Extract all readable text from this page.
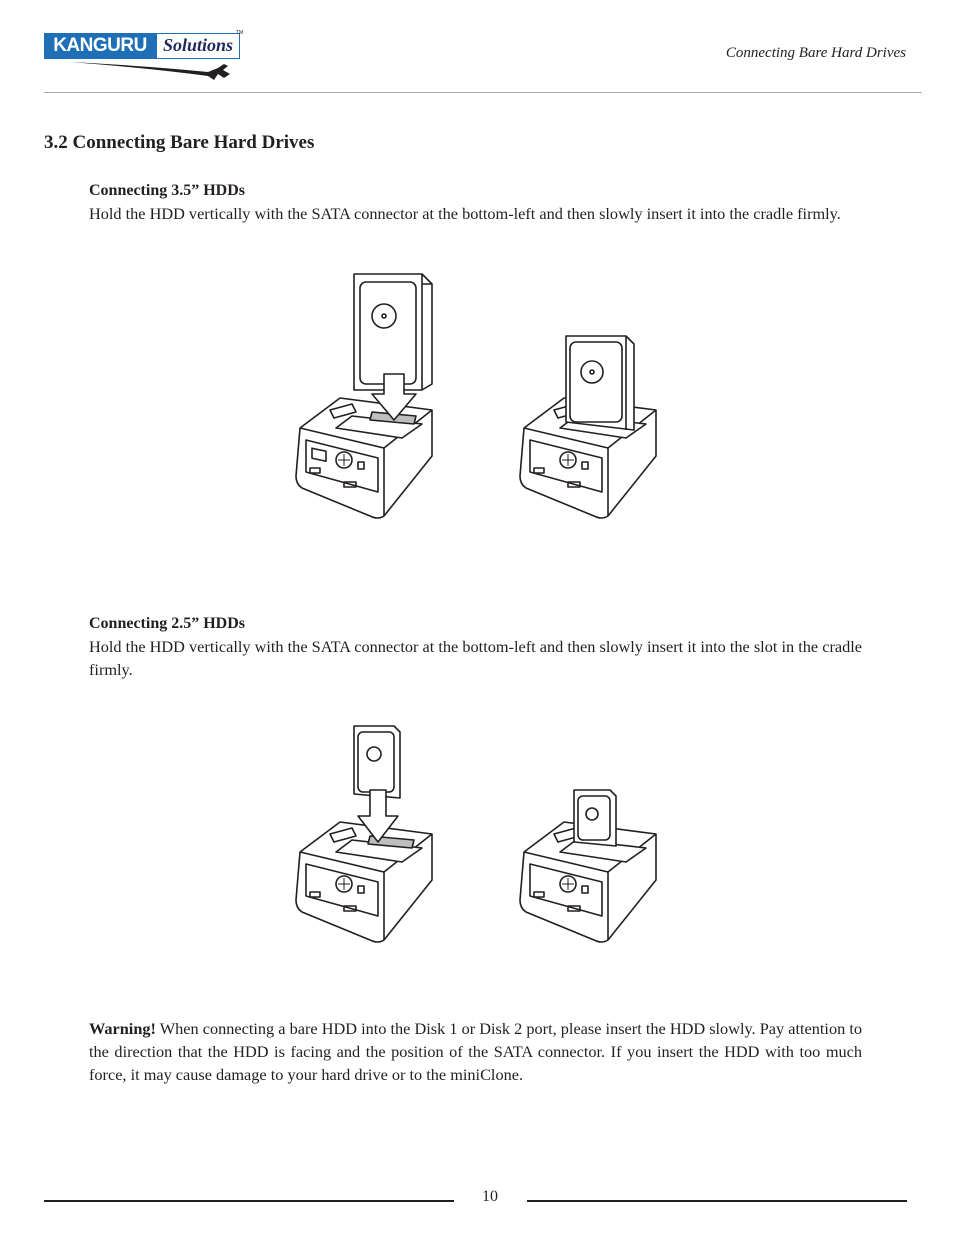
KANGURU Solutions
TM
Connecting Bare Hard Drives
3.2 Connecting Bare Hard Drives
Connecting 3.5” HDDs

Hold the HDD vertically with the SATA connector at the bottom-left and then slowly insert it into the cradle firmly.

Connecting 2.5” HDDs

Hold the HDD vertically with the SATA connector at the bottom-left and then slowly insert it into the slot in the cradle firmly.

Warning! When connecting a bare HDD into the Disk 1 or Disk 2 port, please insert the HDD slowly. Pay attention to the direction that the HDD is facing and the position of the SATA connector. If you insert the HDD with too much force, it may cause damage to your hard drive or to the miniClone.

10
